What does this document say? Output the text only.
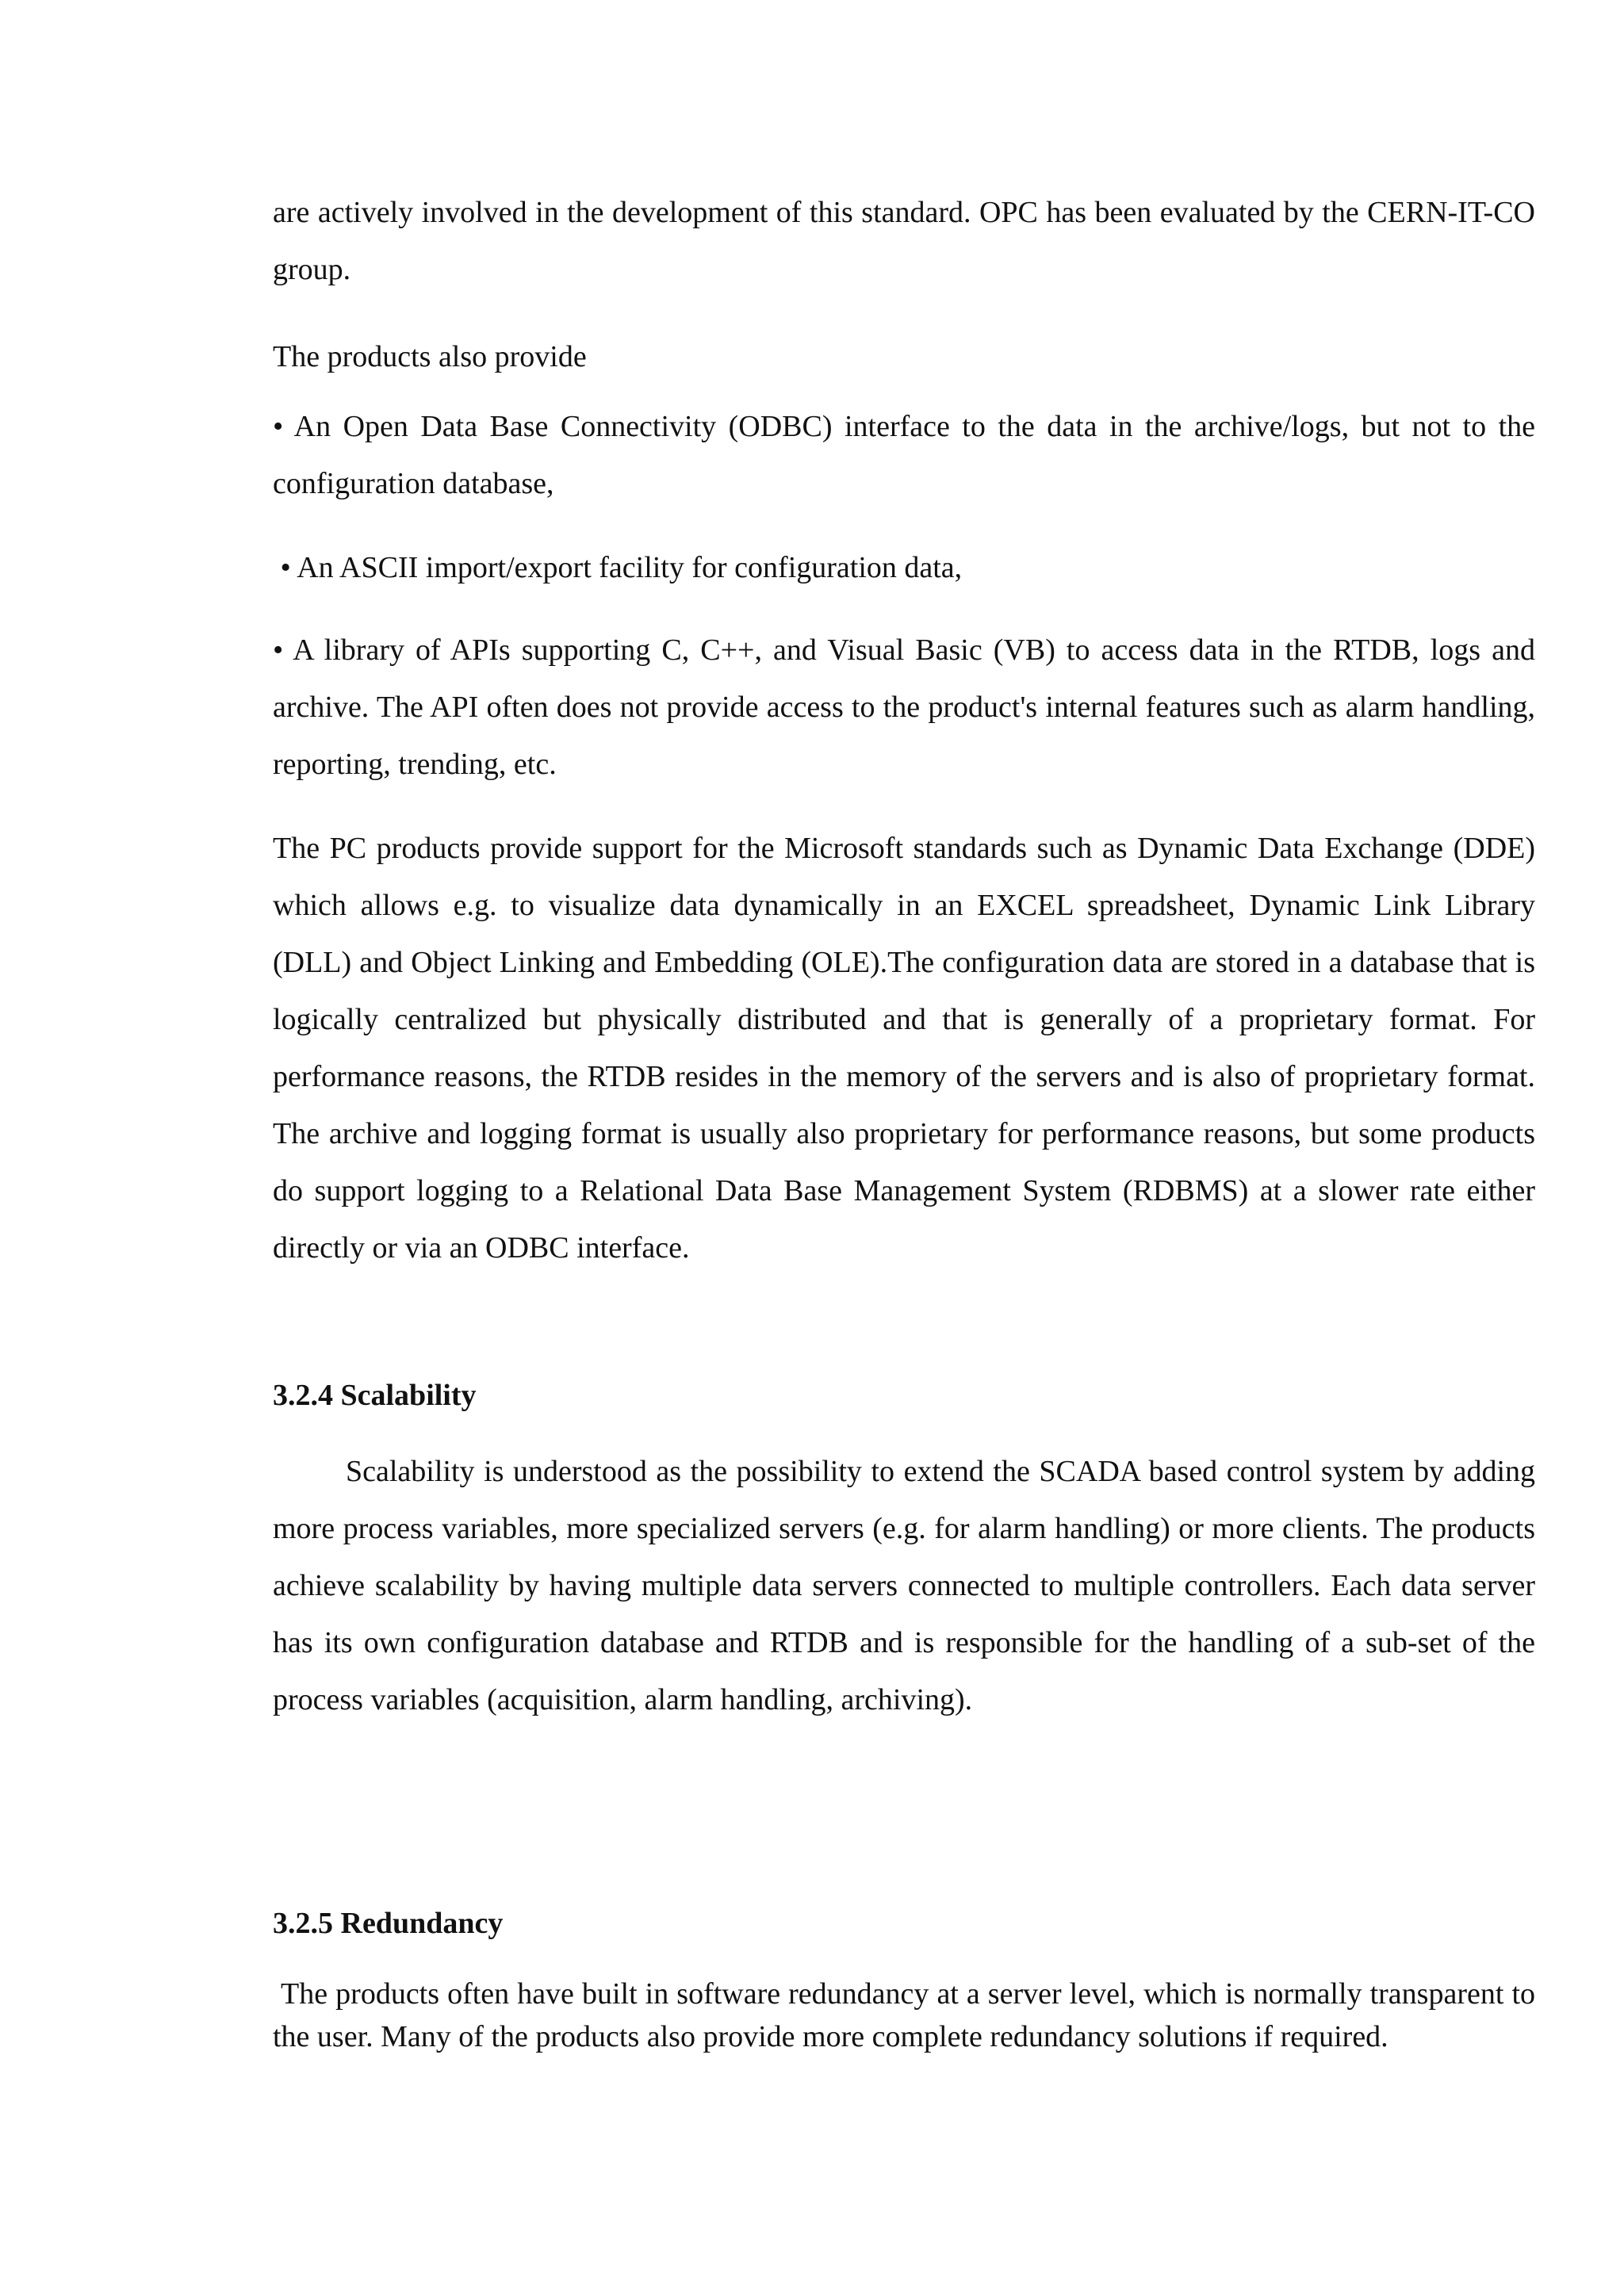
are actively involved in the development of this standard. OPC has been evaluated by the CERN-IT-CO group.

The products also provide

• An Open Data Base Connectivity (ODBC) interface to the data in the archive/logs, but not to the configuration database,

• An ASCII import/export facility for configuration data,

• A library of APIs supporting C, C++, and Visual Basic (VB) to access data in the RTDB, logs and archive. The API often does not provide access to the product's internal features such as alarm handling, reporting, trending, etc.

The PC products provide support for the Microsoft standards such as Dynamic Data Exchange (DDE) which allows e.g. to visualize data dynamically in an EXCEL spreadsheet, Dynamic Link Library (DLL) and Object Linking and Embedding (OLE).The configuration data are stored in a database that is logically centralized but physically distributed and that is generally of a proprietary format. For performance reasons, the RTDB resides in the memory of the servers and is also of proprietary format. The archive and logging format is usually also proprietary for performance reasons, but some products do support logging to a Relational Data Base Management System (RDBMS) at a slower rate either directly or via an ODBC interface.

3.2.4 Scalability

Scalability is understood as the possibility to extend the SCADA based control system by adding more process variables, more specialized servers (e.g. for alarm handling) or more clients. The products achieve scalability by having multiple data servers connected to multiple controllers. Each data server has its own configuration database and RTDB and is responsible for the handling of a sub-set of the process variables (acquisition, alarm handling, archiving).

3.2.5 Redundancy

The products often have built in software redundancy at a server level, which is normally transparent to the user. Many of the products also provide more complete redundancy solutions if required.
